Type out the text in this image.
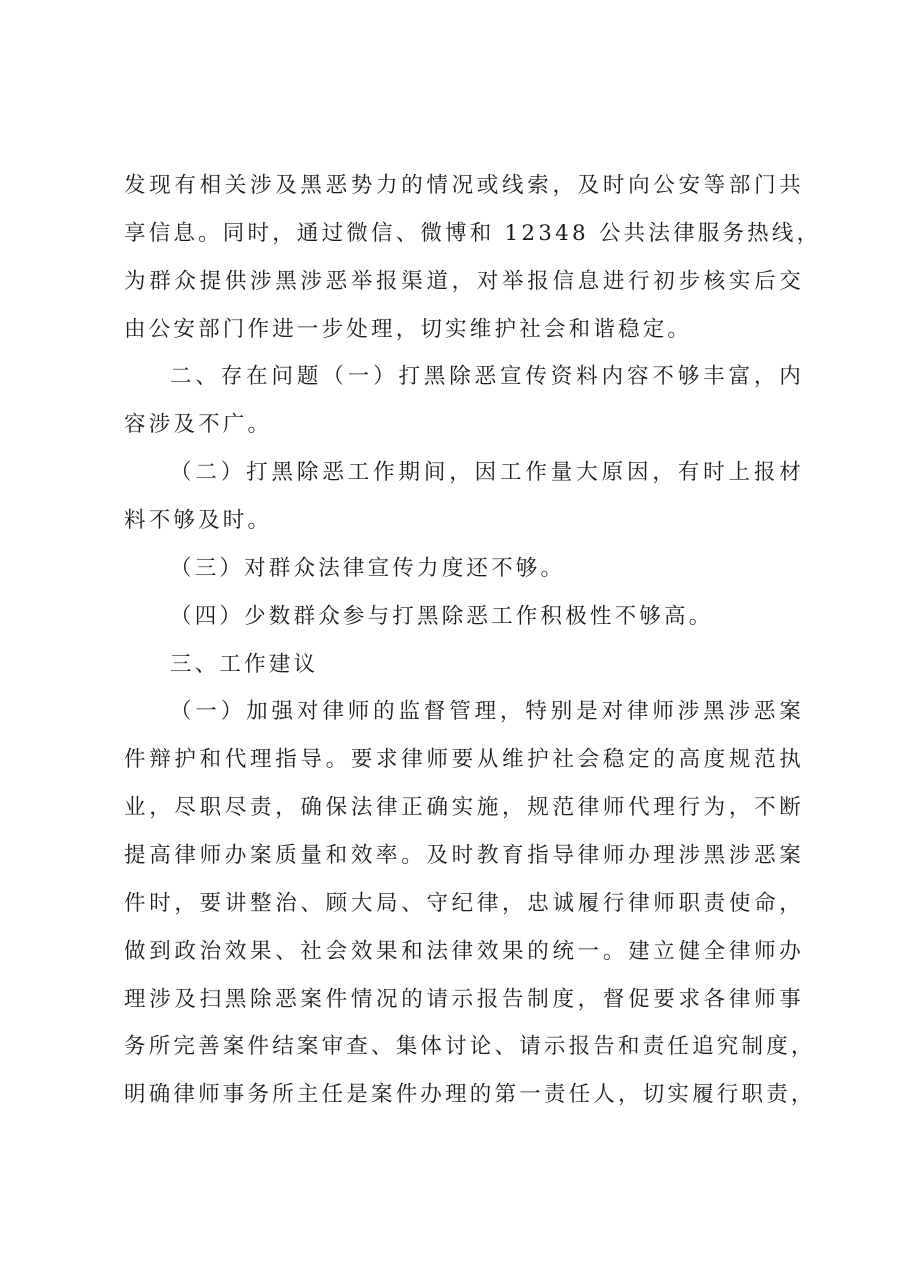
发现有相关涉及黑恶势力的情况或线索，及时向公安等部门共
享信息。同时，通过微信、微博和 12348 公共法律服务热线，
为群众提供涉黑涉恶举报渠道，对举报信息进行初步核实后交
由公安部门作进一步处理，切实维护社会和谐稳定。
二、存在问题（一）打黑除恶宣传资料内容不够丰富，内
容涉及不广。
（二）打黑除恶工作期间，因工作量大原因，有时上报材
料不够及时。
（三）对群众法律宣传力度还不够。
（四）少数群众参与打黑除恶工作积极性不够高。
三、工作建议
（一）加强对律师的监督管理，特别是对律师涉黑涉恶案
件辩护和代理指导。要求律师要从维护社会稳定的高度规范执
业，尽职尽责，确保法律正确实施，规范律师代理行为，不断
提高律师办案质量和效率。及时教育指导律师办理涉黑涉恶案
件时，要讲整治、顾大局、守纪律，忠诚履行律师职责使命，
做到政治效果、社会效果和法律效果的统一。建立健全律师办
理涉及扫黑除恶案件情况的请示报告制度，督促要求各律师事
务所完善案件结案审查、集体讨论、请示报告和责任追究制度，
明确律师事务所主任是案件办理的第一责任人，切实履行职责，
